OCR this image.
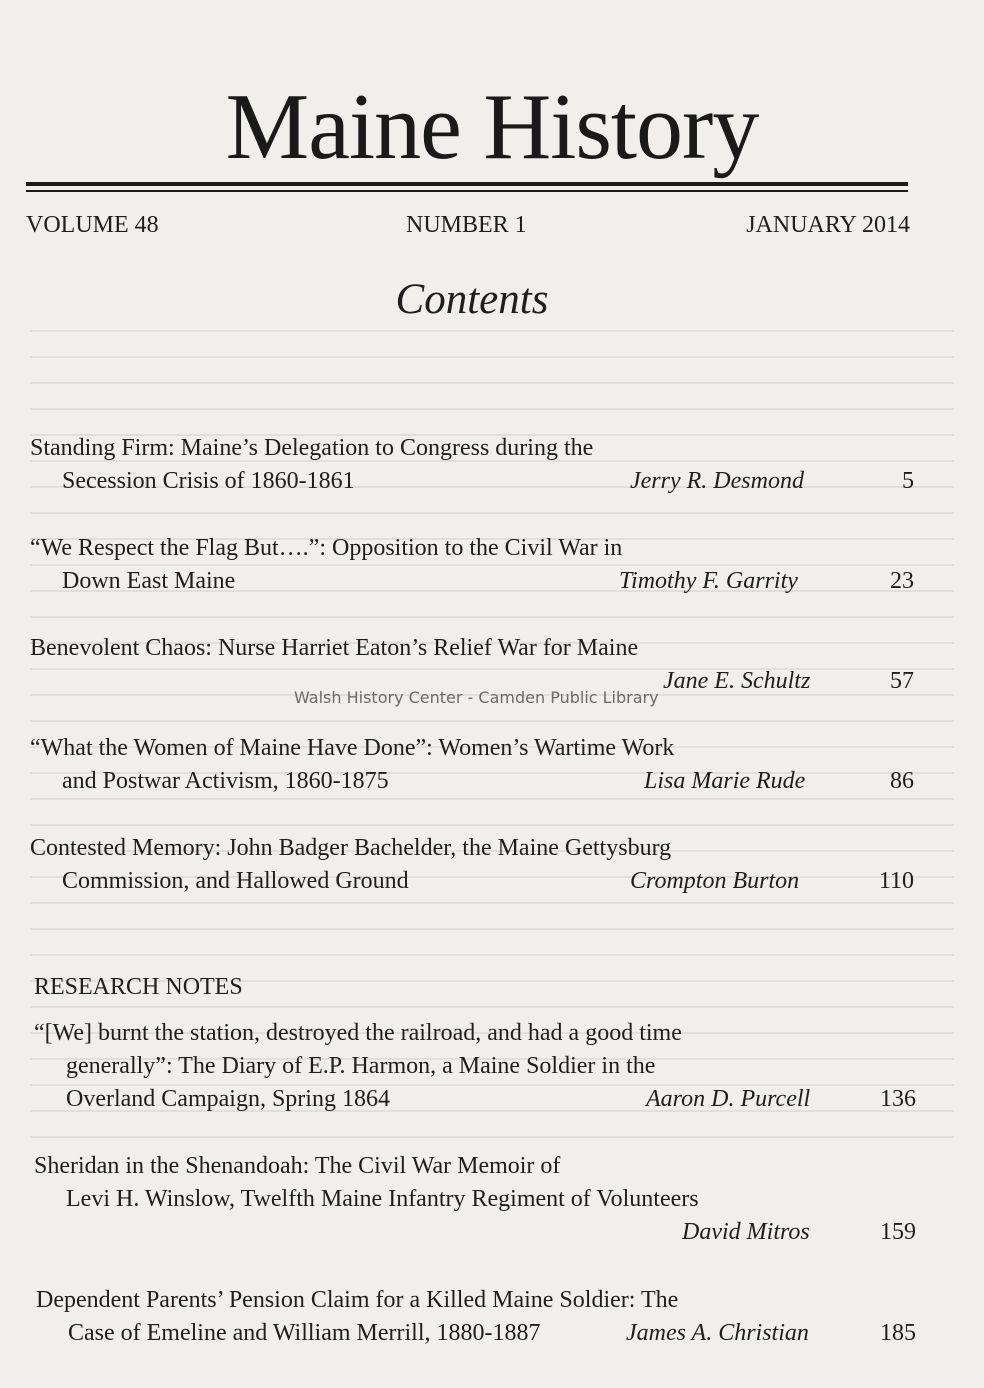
Maine History
VOLUME 48	NUMBER 1	JANUARY 2014
Contents
Standing Firm: Maine’s Delegation to Congress during the
Secession Crisis of 1860-1861	Jerry R. Desmond	5
“We Respect the Flag But….”: Opposition to the Civil War in
Down East Maine	Timothy F. Garrity	23
Benevolent Chaos: Nurse Harriet Eaton’s Relief War for Maine
Jane E. Schultz	57
“What the Women of Maine Have Done”: Women’s Wartime Work
and Postwar Activism, 1860-1875	Lisa Marie Rude	86
Contested Memory: John Badger Bachelder, the Maine Gettysburg
Commission, and Hallowed Ground	Crompton Burton	110
RESEARCH NOTES
“[We] burnt the station, destroyed the railroad, and had a good time
generally”: The Diary of E.P. Harmon, a Maine Soldier in the
Overland Campaign, Spring 1864	Aaron D. Purcell	136
Sheridan in the Shenandoah: The Civil War Memoir of
Levi H. Winslow, Twelfth Maine Infantry Regiment of Volunteers
David Mitros	159
Dependent Parents’ Pension Claim for a Killed Maine Soldier: The
Case of Emeline and William Merrill, 1880-1887	James A. Christian	185
Walsh History Center - Camden Public Library
